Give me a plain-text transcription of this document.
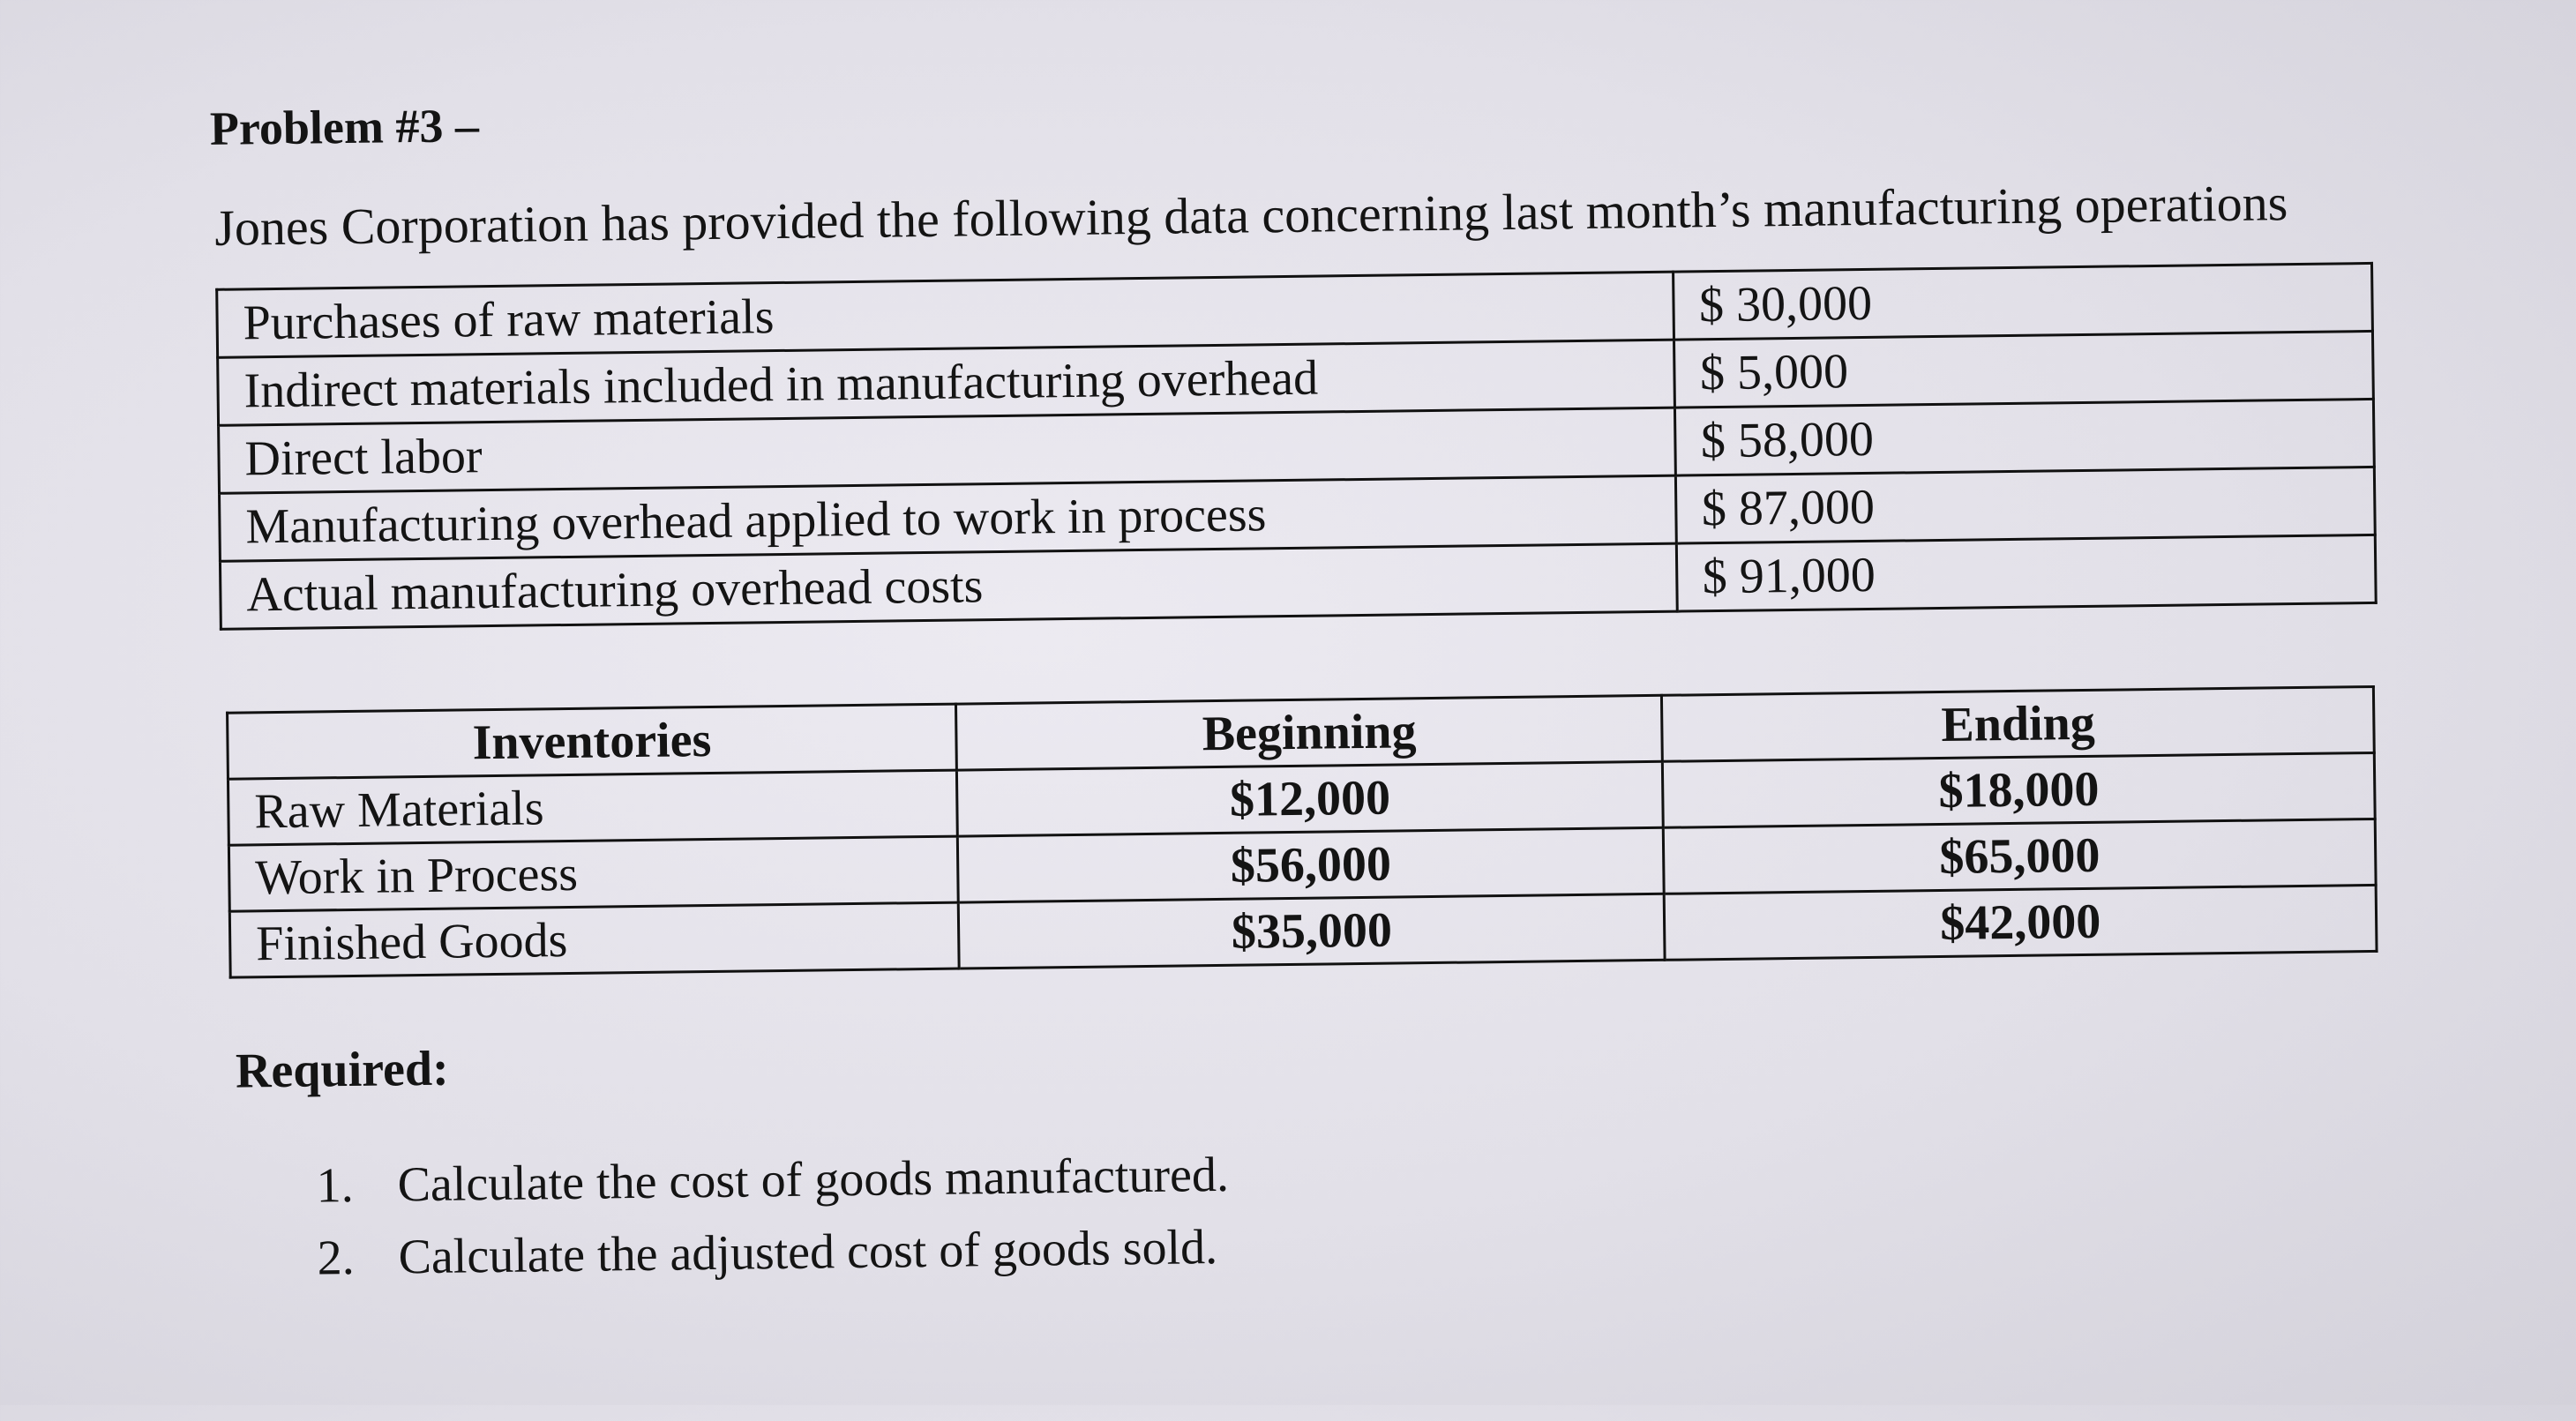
Problem #3 –

Jones Corporation has provided the following data concerning last month’s manufacturing operations

Purchases of raw materials	$ 30,000
Indirect materials included in manufacturing overhead	$ 5,000
Direct labor	$ 58,000
Manufacturing overhead applied to work in process	$ 87,000
Actual manufacturing overhead costs	$ 91,000
Inventories	Beginning	Ending
Raw Materials	$12,000	$18,000
Work in Process	$56,000	$65,000
Finished Goods	$35,000	$42,000
Required:
1. Calculate the cost of goods manufactured.
2. Calculate the adjusted cost of goods sold.
